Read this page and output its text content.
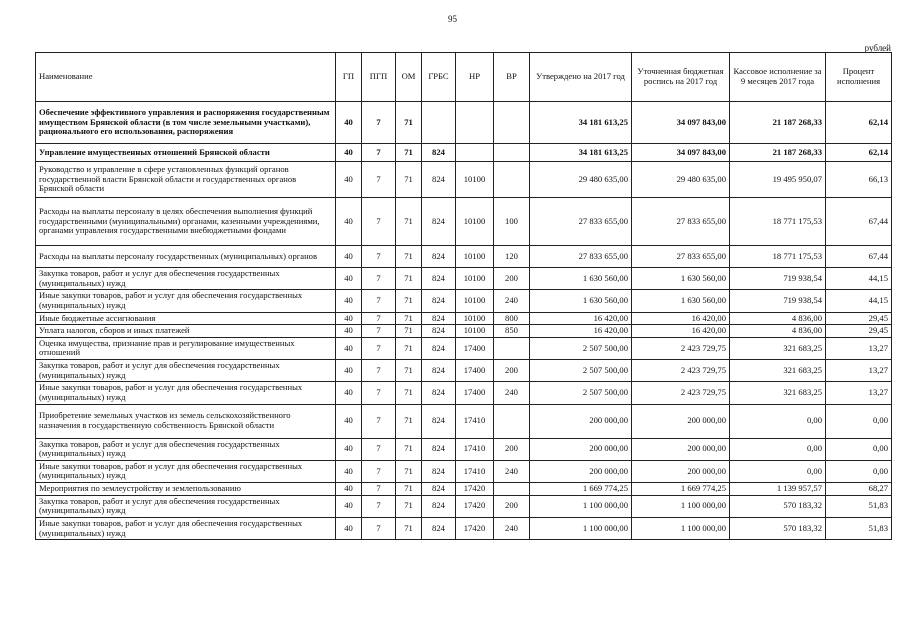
95
рублей
Наименование	ГП	ПГП	ОМ	ГРБС	НР	ВР	Утверждено на 2017 год	Уточненная бюджетная роспись на 2017 год	Кассовое исполнение за 9 месяцев 2017 года	Процент исполнения
Обеспечение эффективного управления и распоряжения государственным имуществом Брянской области (в том числе земельными участками), рациональногo его использования, распоряжения	40	7	71				34 181 613,25	34 097 843,00	21 187 268,33	62,14
Управление имущественных отношений Брянской области	40	7	71	824			34 181 613,25	34 097 843,00	21 187 268,33	62,14
Руководство и управление в сфере установленных функций органов государственной власти Брянской области и государственных органов Брянской области	40	7	71	824	10100		29 480 635,00	29 480 635,00	19 495 950,07	66,13
Расходы на выплаты персоналу в целях обеспечения выполнения функций государственными (муниципальными) органами, казенными учреждениями, органами управления государственными внебюджетными фондами	40	7	71	824	10100	100	27 833 655,00	27 833 655,00	18 771 175,53	67,44
Расходы на выплаты персоналу государственных (муниципальных) органов	40	7	71	824	10100	120	27 833 655,00	27 833 655,00	18 771 175,53	67,44
Закупка товаров, работ и услуг для обеспечения государственных (муниципальных) нужд	40	7	71	824	10100	200	1 630 560,00	1 630 560,00	719 938,54	44,15
Иные закупки товаров, работ и услуг для обеспечения государственных (муниципальных) нужд	40	7	71	824	10100	240	1 630 560,00	1 630 560,00	719 938,54	44,15
Иные бюджетные ассигнования	40	7	71	824	10100	800	16 420,00	16 420,00	4 836,00	29,45
Уплата налогов, сборов и иных платежей	40	7	71	824	10100	850	16 420,00	16 420,00	4 836,00	29,45
Оценка имущества, признание прав и регулирование имущественных отношений	40	7	71	824	17400		2 507 500,00	2 423 729,75	321 683,25	13,27
Закупка товаров, работ и услуг для обеспечения государственных (муниципальных) нужд	40	7	71	824	17400	200	2 507 500,00	2 423 729,75	321 683,25	13,27
Иные закупки товаров, работ и услуг для обеспечения государственных (муниципальных) нужд	40	7	71	824	17400	240	2 507 500,00	2 423 729,75	321 683,25	13,27
Приобретение земельных участков из земель сельскохозяйственного назначения в государственную собственность Брянской области	40	7	71	824	17410		200 000,00	200 000,00	0,00	0,00
Закупка товаров, работ и услуг для обеспечения государственных (муниципальных) нужд	40	7	71	824	17410	200	200 000,00	200 000,00	0,00	0,00
Иные закупки товаров, работ и услуг для обеспечения государственных (муниципальных) нужд	40	7	71	824	17410	240	200 000,00	200 000,00	0,00	0,00
Мероприятия по землеустройству и землепользованию	40	7	71	824	17420		1 669 774,25	1 669 774,25	1 139 957,57	68,27
Закупка товаров, работ и услуг для обеспечения государственных (муниципальных) нужд	40	7	71	824	17420	200	1 100 000,00	1 100 000,00	570 183,32	51,83
Иные закупки товаров, работ и услуг для обеспечения государственных (муниципальных) нужд	40	7	71	824	17420	240	1 100 000,00	1 100 000,00	570 183,32	51,83
